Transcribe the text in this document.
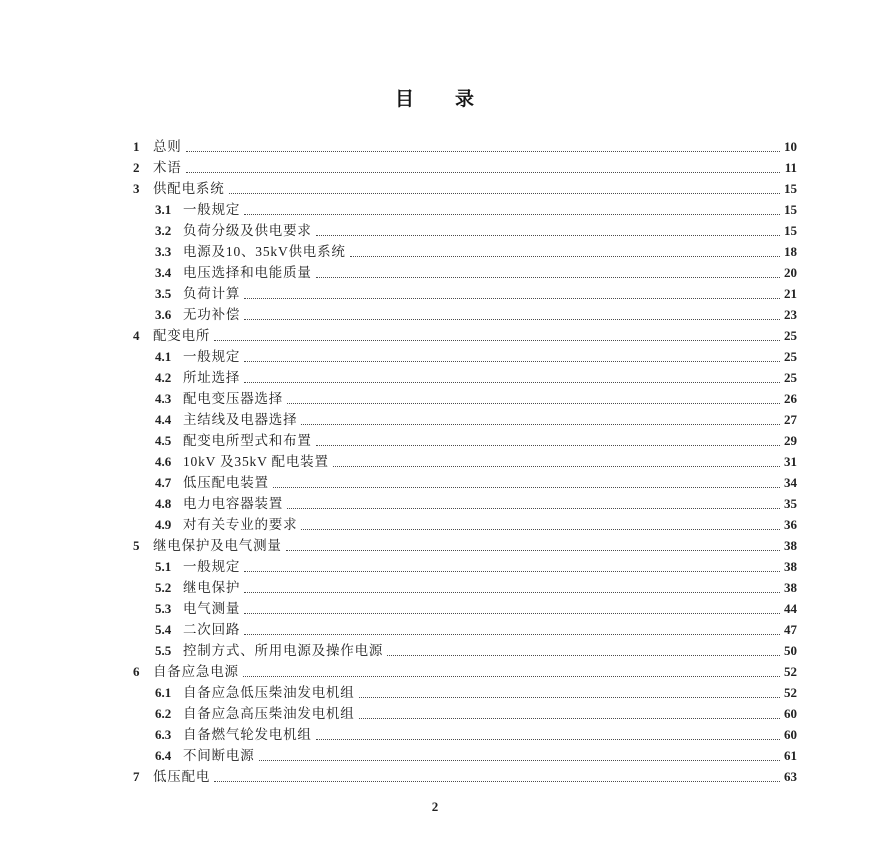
目　　录
1	总则	10
2	术语	11
3	供配电系统	15
3.1 一般规定	15
3.2 负荷分级及供电要求	15
3.3 电源及10、35kV供电系统	18
3.4 电压选择和电能质量	20
3.5 负荷计算	21
3.6 无功补偿	23
4	配变电所	25
4.1 一般规定	25
4.2 所址选择	25
4.3 配电变压器选择	26
4.4 主结线及电器选择	27
4.5 配变电所型式和布置	29
4.6 10kV 及35kV 配电装置	31
4.7 低压配电装置	34
4.8 电力电容器装置	35
4.9 对有关专业的要求	36
5	继电保护及电气测量	38
5.1 一般规定	38
5.2 继电保护	38
5.3 电气测量	44
5.4 二次回路	47
5.5 控制方式、所用电源及操作电源	50
6	自备应急电源	52
6.1 自备应急低压柴油发电机组	52
6.2 自备应急高压柴油发电机组	60
6.3 自备燃气轮发电机组	60
6.4 不间断电源	61
7	低压配电	63
2
